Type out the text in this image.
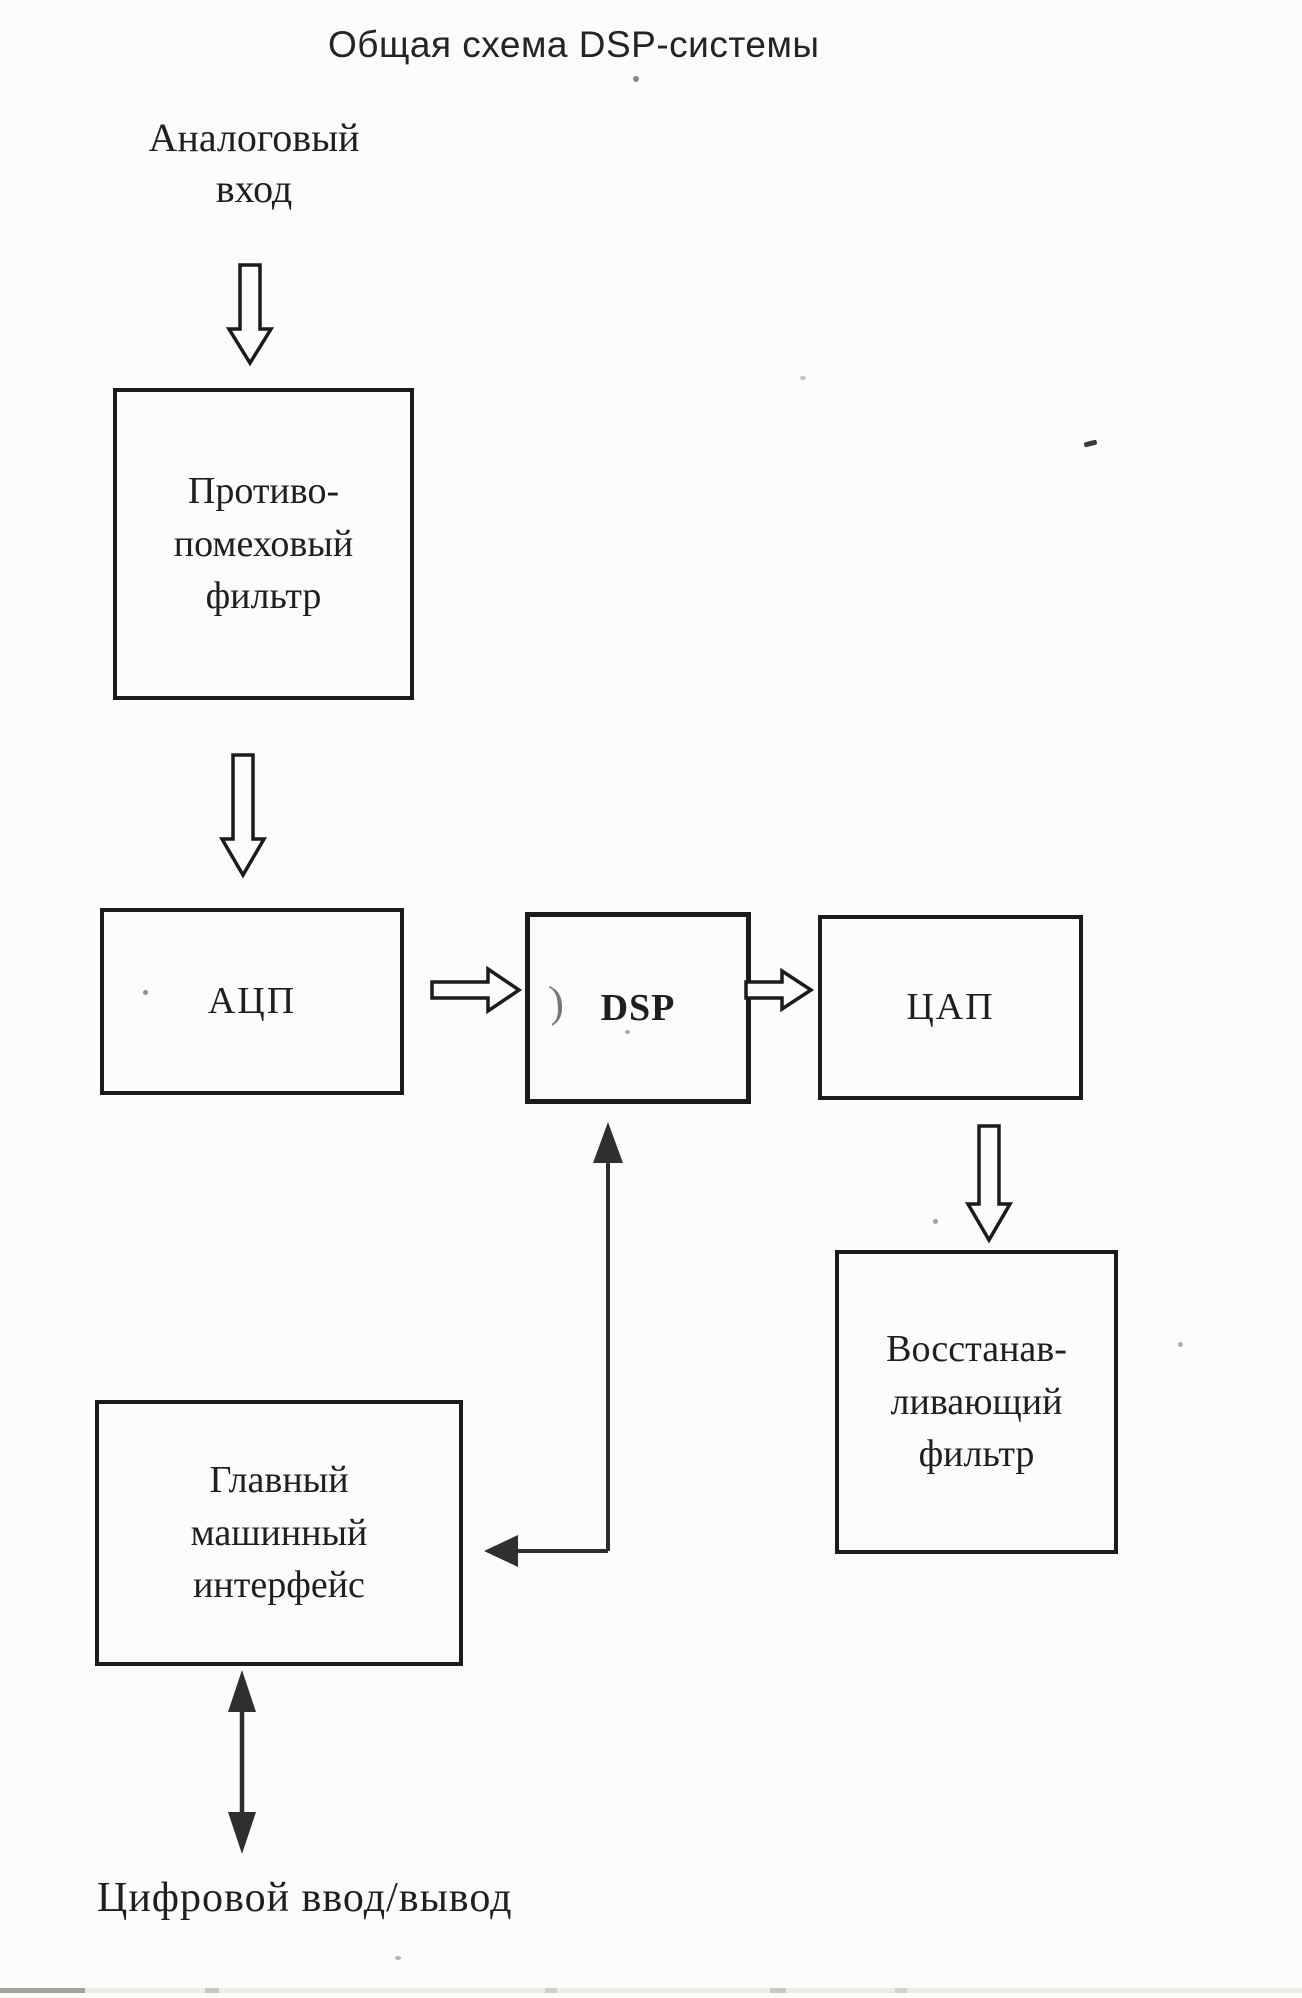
Общая схема DSP-системы
Аналоговый
вход
Противо-
помеховый
фильтр
АЦП	DSP
)	ЦАП
Восстанав-
ливающий
фильтр
Главный
машинный
интерфейс
Цифровой ввод/вывод
